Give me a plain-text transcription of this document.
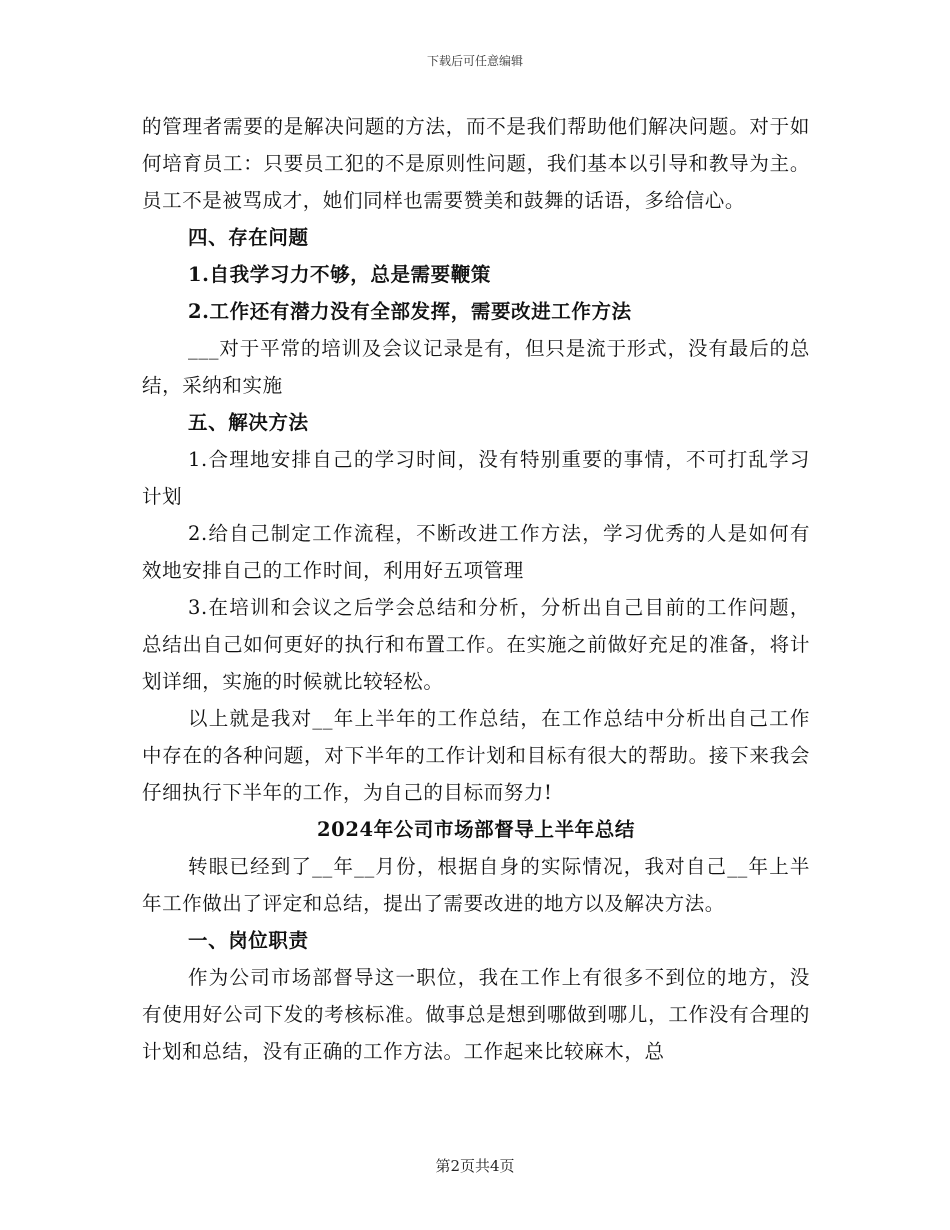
下载后可任意编辑

的管理者需要的是解决问题的方法，而不是我们帮助他们解决问题。对于如何培育员工：只要员工犯的不是原则性问题，我们基本以引导和教导为主。员工不是被骂成才，她们同样也需要赞美和鼓舞的话语，多给信心。

四、存在问题

1.自我学习力不够，总是需要鞭策

2.工作还有潜力没有全部发挥，需要改进工作方法

___对于平常的培训及会议记录是有，但只是流于形式，没有最后的总结，采纳和实施

五、解决方法

1.合理地安排自己的学习时间，没有特别重要的事情，不可打乱学习计划

2.给自己制定工作流程，不断改进工作方法，学习优秀的人是如何有效地安排自己的工作时间，利用好五项管理

3.在培训和会议之后学会总结和分析，分析出自己目前的工作问题，总结出自己如何更好的执行和布置工作。在实施之前做好充足的准备，将计划详细，实施的时候就比较轻松。

以上就是我对__年上半年的工作总结，在工作总结中分析出自己工作中存在的各种问题，对下半年的工作计划和目标有很大的帮助。接下来我会仔细执行下半年的工作，为自己的目标而努力!

2024年公司市场部督导上半年总结

转眼已经到了__年__月份，根据自身的实际情况，我对自己__年上半年工作做出了评定和总结，提出了需要改进的地方以及解决方法。

一、岗位职责

作为公司市场部督导这一职位，我在工作上有很多不到位的地方，没有使用好公司下发的考核标准。做事总是想到哪做到哪儿，工作没有合理的计划和总结，没有正确的工作方法。工作起来比较麻木，总

第2页共4页
